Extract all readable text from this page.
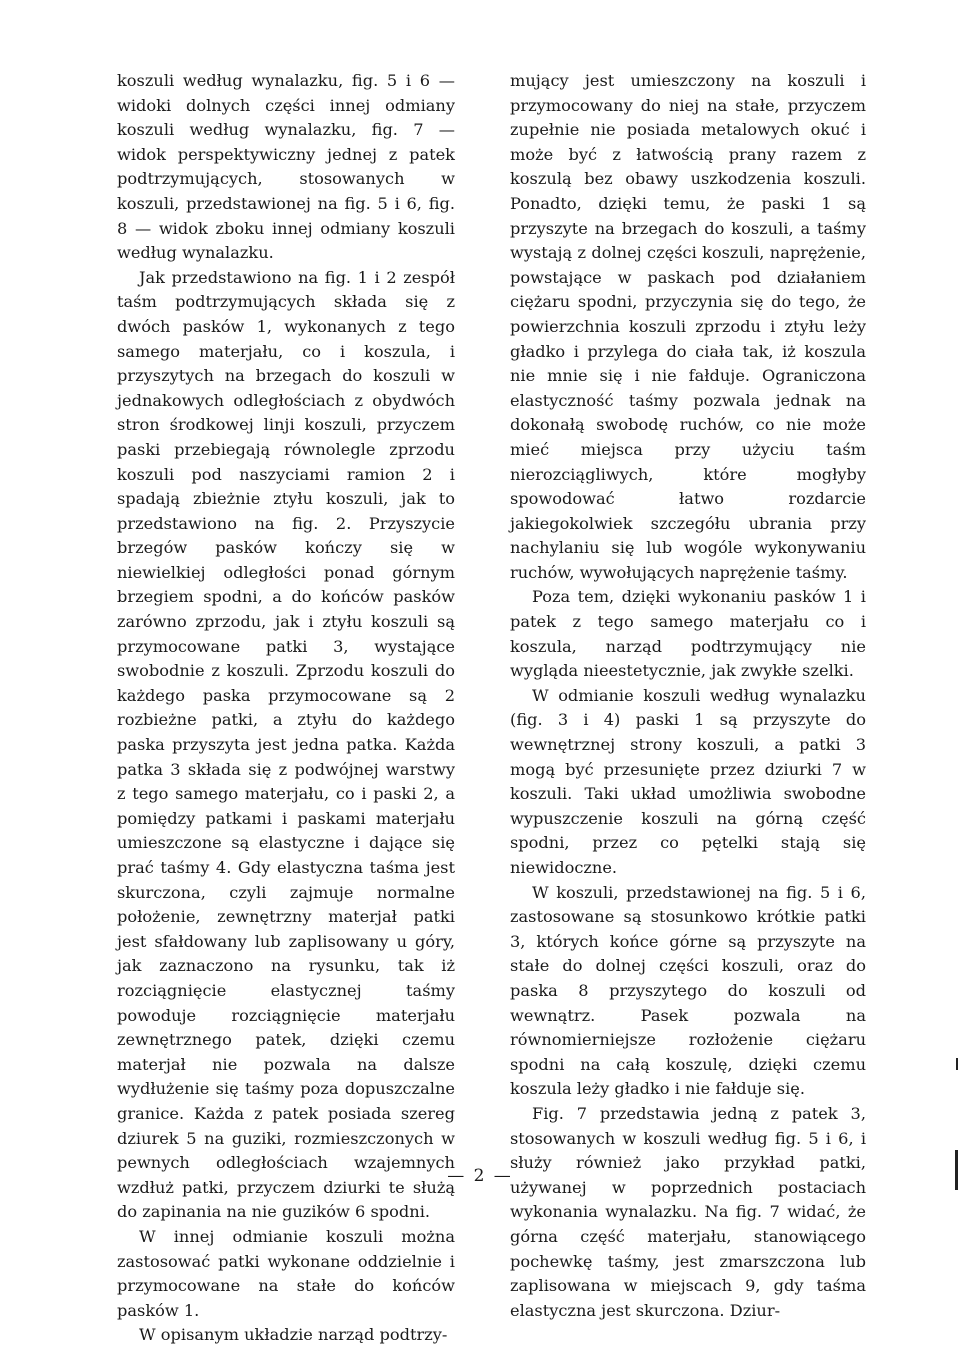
koszuli według wynalazku, fig. 5 i 6 — widoki dolnych części innej odmiany koszuli według wynalazku, fig. 7 — widok perspektywiczny jednej z patek podtrzymujących, stosowanych w koszuli, przedstawionej na fig. 5 i 6, fig. 8 — widok zboku innej odmiany koszuli według wynalazku.

Jak przedstawiono na fig. 1 i 2 zespół taśm podtrzymujących składa się z dwóch pasków 1, wykonanych z tego samego materjału, co i koszula, i przyszytych na brzegach do koszuli w jednakowych odległościach z obydwóch stron środkowej linji koszuli, przyczem paski przebiegają równolegle zprzodu koszuli pod naszyciami ramion 2 i spadają zbieżnie ztyłu koszuli, jak to przedstawiono na fig. 2. Przyszycie brzegów pasków kończy się w niewielkiej odległości ponad górnym brzegiem spodni, a do końców pasków zarówno zprzodu, jak i ztyłu koszuli są przymocowane patki 3, wystające swobodnie z koszuli. Zprzodu koszuli do każdego paska przymocowane są 2 rozbieżne patki, a ztyłu do każdego paska przyszyta jest jedna patka. Każda patka 3 składa się z podwójnej warstwy z tego samego materjału, co i paski 2, a pomiędzy patkami i paskami materjału umieszczone są elastyczne i dające się prać taśmy 4. Gdy elastyczna taśma jest skurczona, czyli zajmuje normalne położenie, zewnętrzny materjał patki jest sfałdowany lub zaplisowany u góry, jak zaznaczono na rysunku, tak iż rozciągnięcie elastycznej taśmy powoduje rozciągnięcie materjału zewnętrznego patek, dzięki czemu materjał nie pozwala na dalsze wydłużenie się taśmy poza dopuszczalne granice. Każda z patek posiada szereg dziurek 5 na guziki, rozmieszczonych w pewnych odległościach wzajemnych wzdłuż patki, przyczem dziurki te służą do zapinania na nie guzików 6 spodni.

W innej odmianie koszuli można zastosować patki wykonane oddzielnie i przymocowane na stałe do końców pasków 1.

W opisanym układzie narząd podtrzy-

mujący jest umieszczony na koszuli i przymocowany do niej na stałe, przyczem zupełnie nie posiada metalowych okuć i może być z łatwością prany razem z koszulą bez obawy uszkodzenia koszuli. Ponadto, dzięki temu, że paski 1 są przyszyte na brzegach do koszuli, a taśmy wystają z dolnej części koszuli, naprężenie, powstające w paskach pod działaniem ciężaru spodni, przyczynia się do tego, że powierzchnia koszuli zprzodu i ztyłu leży gładko i przylega do ciała tak, iż koszula nie mnie się i nie fałduje. Ograniczona elastyczność taśmy pozwala jednak na dokonałą swobodę ruchów, co nie może mieć miejsca przy użyciu taśm nierozciągliwych, które mogłyby spowodować łatwo rozdarcie jakiegokolwiek szczegółu ubrania przy nachylaniu się lub wogóle wykonywaniu ruchów, wywołujących naprężenie taśmy.

Poza tem, dzięki wykonaniu pasków 1 i patek z tego samego materjału co i koszula, narząd podtrzymujący nie wygląda nieestetycznie, jak zwykłe szelki.

W odmianie koszuli według wynalazku (fig. 3 i 4) paski 1 są przyszyte do wewnętrznej strony koszuli, a patki 3 mogą być przesunięte przez dziurki 7 w koszuli. Taki układ umożliwia swobodne wypuszczenie koszuli na górną część spodni, przez co pętelki stają się niewidoczne.

W koszuli, przedstawionej na fig. 5 i 6, zastosowane są stosunkowo krótkie patki 3, których końce górne są przyszyte na stałe do dolnej części koszuli, oraz do paska 8 przyszytego do koszuli od wewnątrz. Pasek pozwala na równomierniejsze rozłożenie ciężaru spodni na całą koszulę, dzięki czemu koszula leży gładko i nie fałduje się.

Fig. 7 przedstawia jedną z patek 3, stosowanych w koszuli według fig. 5 i 6, i służy również jako przykład patki, używanej w poprzednich postaciach wykonania wynalazku. Na fig. 7 widać, że górna część materjału, stanowiącego pochewkę taśmy, jest zmarszczona lub zaplisowana w miejscach 9, gdy taśma elastyczna jest skurczona. Dziur-

— 2 —
